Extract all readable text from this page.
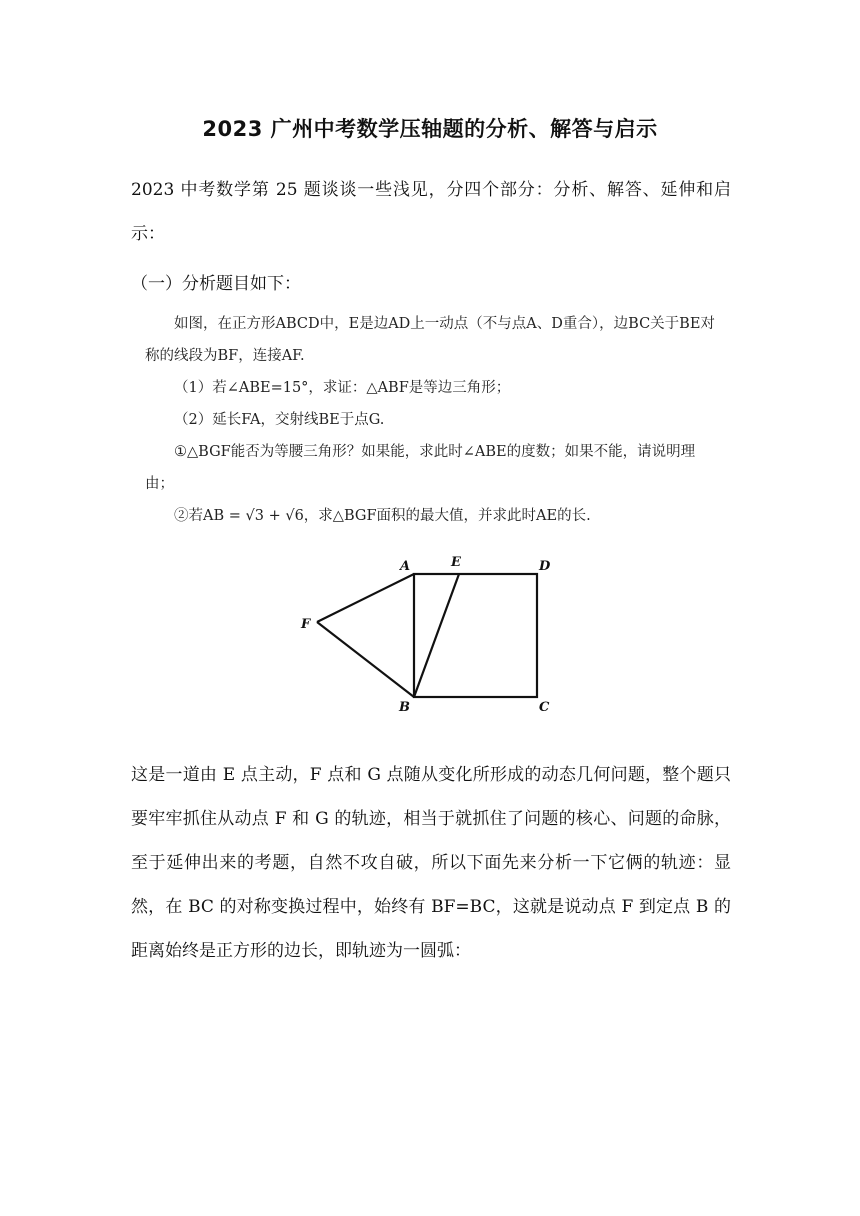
2023 广州中考数学压轴题的分析、解答与启示

2023 中考数学第 25 题谈谈一些浅见，分四个部分：分析、解答、延伸和启示：

（一）分析题目如下：

如图，在正方形ABCD中，E是边AD上一动点（不与点A、D重合），边BC关于BE对称的线段为BF，连接AF.

（1）若∠ABE=15°，求证：△ABF是等边三角形；

（2）延长FA，交射线BE于点G.

①△BGF能否为等腰三角形？如果能，求此时∠ABE的度数；如果不能，请说明理由；

②若AB = √3 + √6，求△BGF面积的最大值，并求此时AE的长.

A	E	D
F
B	C

这是一道由 E 点主动，F 点和 G 点随从变化所形成的动态几何问题，整个题只要牢牢抓住从动点 F 和 G 的轨迹，相当于就抓住了问题的核心、问题的命脉，至于延伸出来的考题，自然不攻自破，所以下面先来分析一下它俩的轨迹：显然，在 BC 的对称变换过程中，始终有 BF=BC，这就是说动点 F 到定点 B 的距离始终是正方形的边长，即轨迹为一圆弧：
